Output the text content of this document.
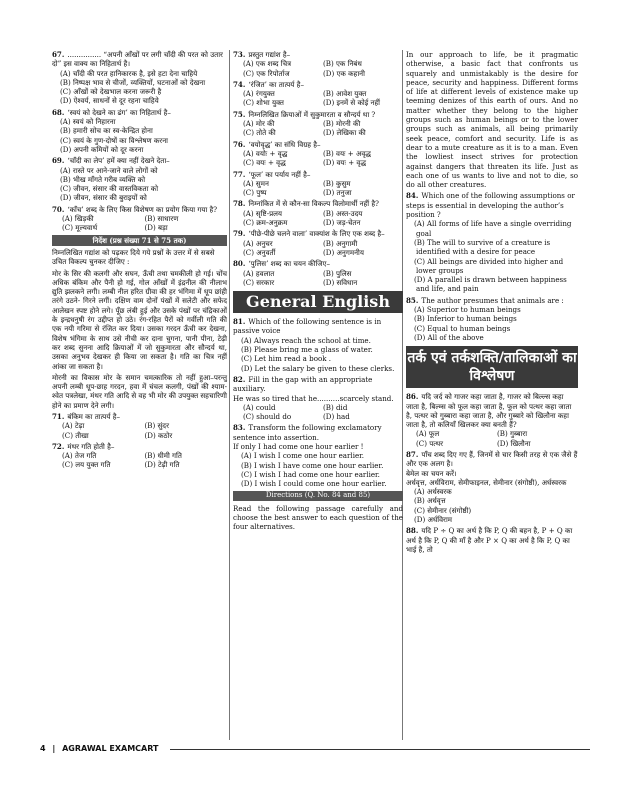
67. ............... “अपनी आँखों पर लगी चाँदी की परत को उतार दो” इस वाक्य का निहितार्थ है।
(A) चाँदी की परत हानिकारक है, इसे हटा देना चाहिये
(B) निष्पक्ष भाव से चीजों, व्यक्तियों, घटनाओं को देखना
(C) आँखों को देखभाल करना जरूरी है
(D) ऐश्वर्य, साधनों से दूर रहना चाहिये
68. ‘स्वयं को देखने का ढंग’ का निहितार्थ है–
(A) स्वयं को निहारना
(B) हमारी सोच का स्व-केन्द्रित होना
(C) स्वयं के गुण-दोषों का विश्लेषण करना
(D) अपनी कमियों को दूर करना
69. ‘चाँदी का लेप’ हमें क्या नहीं देखने देता–
(A) रास्ते पर आने-जाने वाले लोगों को
(B) भीख माँगते गरीब व्यक्ति को
(C) जीवन, संसार की वास्तविकता को
(D) जीवन, संसार की बुराइयों को
70. ‘काँच’ शब्द के लिए किस विशेषण का प्रयोग किया गया है?
(A) खिड़की	(B) साधारण
(C) मूल्यवार्थ	(D) बड़ा
निर्देश (प्रश्न संख्या 71 से 75 तक)
निम्नलिखित गद्यांश को पढ़कर दिये गये प्रश्नों के उत्तर में से सबसे उचित विकल्प चुनकर दीजिए :
मोर के सिर की कलगी और सघन, ऊँची तथा चमकीली हो गई। चोंच अधिक बंकिम और पैनी हो गई, गोल आँखों में इंद्रनील की नीलाभ द्युति झलकने लगी। लम्बी नील हरित ग्रीवा की हर भंगिमा में धूप छांही तरंगे उठने- गिरने लगीं। दक्षिण वाम दोनों पंखों में सलेटी और सफेद आलेखन स्पष्ट होने लगे। पूँछ लंबी हुई और उसके पंखों पर चंद्रिकाओं के इन्द्रधनुषी रंग उद्दीप्त हो उठे। रंग-रहित पैरों को गर्वीली गति की एक नयी गरिमा से रंजित कर दिया। उसका गरदन ऊँची कर देखना, विशेष भंगिमा के साथ उसे नीची कर दाना चुगना, पानी पीना, टेढ़ी कर शब्द सुनना आदि क्रियाओं में जो सुकुमारता और सौन्दर्य था, उसका अनुभव देखकर ही किया जा सकता है। गति का चित्र नहीं आंका जा सकता है।
मोरनी का विकास मोर के समान चमत्कारिक तो नहीं हुआ–परन्तु अपनी लम्बी धूप-छाह गरदन, हवा में चंचल कलगी, पंखों की श्याम-श्वेत पत्रलेखा, मंथर गति आदि से वह भी मोर की उपयुक्त सहचारिणी होने का प्रमाण देने लगी।
71. बंकिम का तात्पर्य है–
(A) टेढ़ा	(B) सुंदर
(C) तीखा	(D) कठोर
72. मंथर गति होती है–
(A) तेज गति	(B) धीमी गति
(C) लय युक्त गति	(D) टेढ़ी गति
73. प्रस्तुत गद्यांश है–
(A) एक शब्द चित्र	(B) एक निबंध
(C) एक रिपोर्ताज	(D) एक कहानी
74. ‘रंजित’ का तात्पर्य है–
(A) रंगयुक्त	(B) आवेश युक्त
(C) शोभा युक्त	(D) इनमें से कोई नहीं
75. निम्नलिखित क्रियाओं में सुकुमारता व सौन्दर्य था ?
(A) मोर की	(B) मोरनी की
(C) तोते की	(D) लेखिका की
76. ‘वयोवृद्ध’ का संधि विग्रह है–
(A) वयोः + वृद्ध	(B) वयः + अवृद्ध
(C) वयः + वृद्ध	(D) वयः + वृद्ध
77. ‘फूल’ का पर्याय नहीं है–
(A) सुमन	(B) कुसुम
(C) पुष्प	(D) तनुजा
78. निम्नांकित में से कौन-सा विकल्प विलोमार्थी नहीं है?
(A) सृष्टि-प्रलय	(B) अस्त-उदय
(C) क्रम-अनुक्रम	(D) जड़-चेतन
79. ‘पीछे-पीछे चलने वाला’ वाक्यांश के लिए एक शब्द है–
(A) अनुचर	(B) अनुगामी
(C) अनुवर्ती	(D) अनुगमनीय
80. ‘पुलिस’ शब्द का चयन कीजिए–
(A) हवलात	(B) पुलिस
(C) सरकार	(D) सविधान
General English
81. Which of the following sentence is in passive voice
(A) Always reach the school at time.
(B) Please bring me a glass of water.
(C) Let him read a book .
(D) Let the salary be given to these clerks.
82. Fill in the gap with an appropriate auxiliary.
He was so tired that he..........scarcely stand.
(A) could	(B) did
(C) should do	(D) had
83. Transform the following exclamatory sentence into assertion.
If only I had come one hour earlier !
(A) I wish I come one hour earlier.
(B) I wish I have come one hour earlier.
(C) I wish I had come one hour earlier.
(D) I wish I could come one hour earlier.
Directions (Q. No. 84 and 85)
Read the following passage carefully and choose the best answer to each question of the four alternatives.
In our approach to life, be it pragmatic otherwise, a basic fact that confronts us squarely and unmistakably is the desire for peace, security and happiness. Different forms of life at different levels of existence make up teeming denizes of this earth of ours. And no matter whether they belong to the higher groups such as human beings or to the lower groups such as animals, all being primarily seek peace, comfort and security. Life is as dear to a mute creature as it is to a man. Even the lowliest insect strives for protection against dangers that threaten its life. Just as each one of us wants to live and not to die, so do all other creatures.
84. Which one of the following assumptions or steps is essential in developing the author’s position ?
(A) All forms of life have a single overriding goal
(B) The will to survive of a creature is identified with a desire for peace
(C) All beings are divided into higher and lower groups
(D) A parallel is drawn between happiness and life, and pain
85. The author presumes that animals are :
(A) Superior to human beings
(B) Inferior to human beings
(C) Equal to human beings
(D) All of the above
तर्क एवं तर्कशक्ति/तालिकाओं का विश्लेषण
86. यदि जर्द को गाजर कहा जाता है, गाजर को बिल्ल्स कहा जाता है, बिल्म्स को फूल कहा जाता है, फूल को पत्थर कहा जाता है, पत्थर को गुब्बारा कहा जाता है, और गुब्बारे को खिलौना कहा जाता है, तो कलियाँ खिलकर क्या बनती हैं?
(A) फूल	(B) गुब्बारा
(C) पत्थर	(D) खिलौना
87. पाँच शब्द दिए गए हैं, जिनमें से चार किसी तरह से एक जैसे हैं और एक अलग है।
बेमेल का चयन करें।
अर्धवृत्त, अर्धविराम, सेमीफाइनल, सेमीनार (संगोष्ठी), अर्धस्वरक
(A) अर्धस्वरक
(B) अर्धवृत्त
(C) सेमीनार (संगोष्ठी)
(D) अर्धविराम
88. यदि P ÷ Q का अर्थ है कि P, Q की बहन है, P + Q का अर्थ है कि P, Q की माँ है और P × Q का अर्थ है कि P, Q का भाई है, तो
4 | AGRAWAL EXAMCART
